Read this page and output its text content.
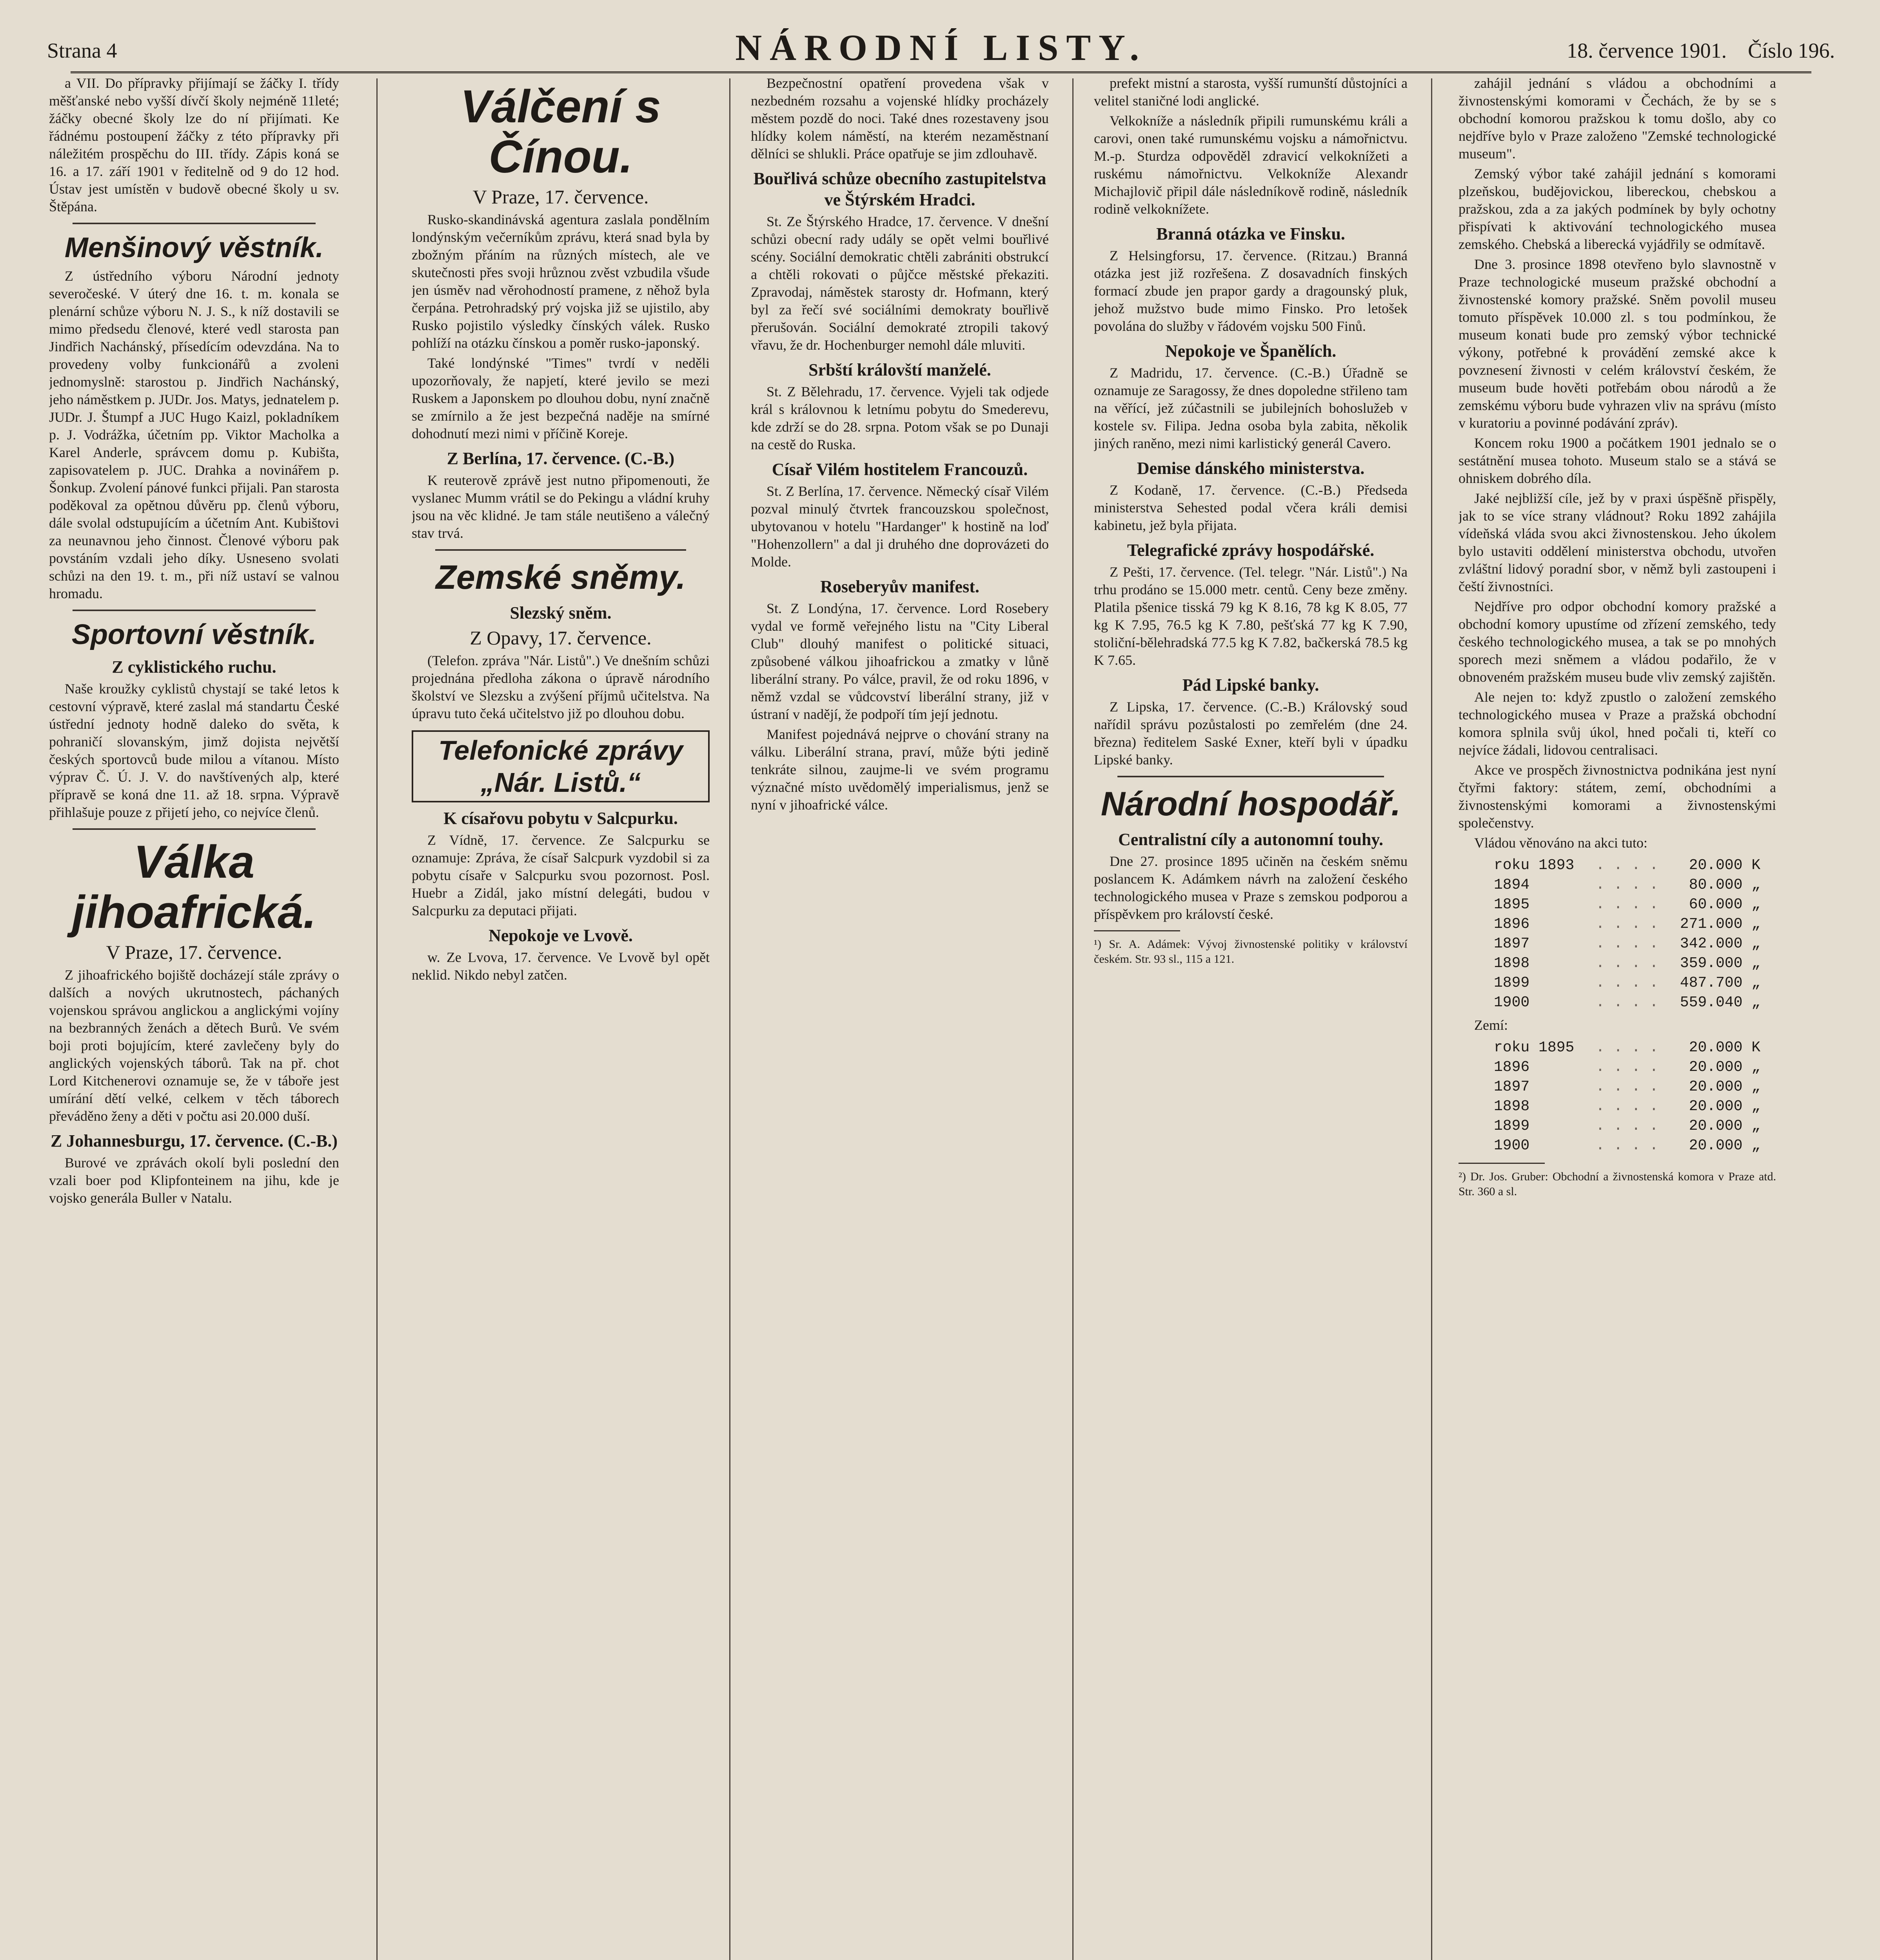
Strana 4	NÁRODNÍ LISTY.	18. července 1901. Číslo 196.

a VII. Do přípravky přijímají se žáčky I. třídy měšťanské nebo vyšší dívčí školy nejméně 11leté; žáčky obecné školy lze do ní přijímati. Ke řádnému postoupení žáčky z této přípravky při náležitém prospěchu do III. třídy. Zápis koná se 16. a 17. září 1901 v ředitelně od 9 do 12 hod. Ústav jest umístěn v budově obecné školy u sv. Štěpána.

Menšinový věstník.

Z ústředního výboru Národní jednoty severočeské. V úterý dne 16. t. m. konala se plenární schůze výboru N. J. S., k níž dostavili se mimo předsedu členové, které vedl starosta pan Jindřich Nachánský, přísedícím odevzdána. Na to provedeny volby funkcionářů a zvoleni jednomyslně: starostou p. Jindřich Nachánský, jeho náměstkem p. JUDr. Jos. Matys, jednatelem p. JUDr. J. Štumpf a JUC Hugo Kaizl, pokladníkem p. J. Vodrážka, účetním pp. Viktor Macholka a Karel Anderle, správcem domu p. Kubišta, zapisovatelem p. JUC. Drahka a novinářem p. Šonkup. Zvolení pánové funkci přijali. Pan starosta poděkoval za opětnou důvěru pp. členů výboru, dále svolal odstupujícím a účetním Ant. Kubištovi za neunavnou jeho činnost. Členové výboru pak povstáním vzdali jeho díky. Usneseno svolati schůzi na den 19. t. m., při níž ustaví se valnou hromadu.

Sportovní věstník.
Z cyklistického ruchu.

Naše kroužky cyklistů chystají se také letos k cestovní výpravě, které zaslal má standartu České ústřední jednoty hodně daleko do světa, k pohraničí slovanským, jimž dojista největší českých sportovců bude milou a vítanou. Místo výprav Č. Ú. J. V. do navštívených alp, které přípravě se koná dne 11. až 18. srpna. Výpravě přihlašuje pouze z přijetí jeho, co nejvíce členů.

Válka jihoafrická.
V Praze, 17. července.

Z jihoafrického bojiště docházejí stále zprávy o dalších a nových ukrutnostech, páchaných vojenskou správou anglickou a anglickými vojíny na bezbranných ženách a dětech Burů. Ve svém boji proti bojujícím, které zavlečeny byly do anglických vojenských táborů. Tak na př. chot Lord Kitchenerovi oznamuje se, že v táboře jest umírání dětí velké, celkem v těch táborech převáděno ženy a děti v počtu asi 20.000 duší.

Z Johannesburgu, 17. července. (C.-B.)

Burové ve zprávách okolí byli poslední den vzali boer pod Klipfonteinem na jihu, kde je vojsko generála Buller v Natalu.

Válčení s Čínou.
V Praze, 17. července.

Rusko-skandinávská agentura zaslala pondělním londýnským večerníkům zprávu, která snad byla by zbožným přáním na různých místech, ale ve skutečnosti přes svoji hrůznou zvěst vzbudila všude jen úsměv nad věrohodností pramene, z něhož byla čerpána. Petrohradský prý vojska již se ujistilo, aby Rusko pojistilo výsledky čínských válek. Rusko pohlíží na otázku čínskou a poměr rusko-japonský.

Také londýnské "Times" tvrdí v neděli upozorňovaly, že napjetí, které jevilo se mezi Ruskem a Japonskem po dlouhou dobu, nyní značně se zmírnilo a že jest bezpečná naděje na smírné dohodnutí mezi nimi v příčině Koreje.

Z Berlína, 17. července. (C.-B.)

K reuterově zprávě jest nutno připomenouti, že vyslanec Mumm vrátil se do Pekingu a vládní kruhy jsou na věc klidné. Je tam stále neutišeno a válečný stav trvá.

Zemské sněmy.
Slezský sněm.
Z Opavy, 17. července.

(Telefon. zpráva "Nár. Listů".) Ve dnešním schůzi projednána předloha zákona o úpravě národního školství ve Slezsku a zvýšení příjmů učitelstva. Na úpravu tuto čeká učitelstvo již po dlouhou dobu.

Telefonické zprávy „Nár. Listů.“
K císařovu pobytu v Salcpurku.

Z Vídně, 17. července. Ze Salcpurku se oznamuje: Zpráva, že císař Salcpurk vyzdobil si za pobytu císaře v Salcpurku svou pozornost. Posl. Huebr a Zidál, jako místní delegáti, budou v Salcpurku za deputaci přijati.

Nepokoje ve Lvově.

w. Ze Lvova, 17. července. Ve Lvově byl opět neklid. Nikdo nebyl zatčen.

Bezpečnostní opatření provedena však v nezbedném rozsahu a vojenské hlídky procházely městem pozdě do noci. Také dnes rozestaveny jsou hlídky kolem náměstí, na kterém nezaměstnaní dělníci se shlukli. Práce opatřuje se jim zdlouhavě.

Bouřlivá schůze obecního zastupitelstva ve Štýrském Hradci.

St. Ze Štýrského Hradce, 17. července. V dnešní schůzi obecní rady udály se opět velmi bouřlivé scény. Sociální demokratic chtěli zabrániti obstrukcí a chtěli rokovati o půjčce městské překaziti. Zpravodaj, náměstek starosty dr. Hofmann, který byl za řečí své sociálními demokraty bouřlivě přerušován. Sociální demokraté ztropili takový vřavu, že dr. Hochenburger nemohl dále mluviti.

Srbští královští manželé.

St. Z Bělehradu, 17. července. Vyjeli tak odjede král s královnou k letnímu pobytu do Smederevu, kde zdrží se do 28. srpna. Potom však se po Dunaji na cestě do Ruska.

Císař Vilém hostitelem Francouzů.

St. Z Berlína, 17. července. Německý císař Vilém pozval minulý čtvrtek francouzskou společnost, ubytovanou v hotelu "Hardanger" k hostině na loď "Hohenzollern" a dal ji druhého dne doprovázeti do Molde.

Roseberyův manifest.

St. Z Londýna, 17. července. Lord Rosebery vydal ve formě veřejného listu na "City Liberal Club" dlouhý manifest o politické situaci, způsobené válkou jihoafrickou a zmatky v lůně liberální strany. Po válce, pravil, že od roku 1896, v němž vzdal se vůdcovství liberální strany, již v ústraní v nadějí, že podpoří tím její jednotu.

Manifest pojednává nejprve o chování strany na válku. Liberální strana, praví, může býti jedině tenkráte silnou, zaujme-li ve svém programu význačné místo uvědomělý imperialismus, jenž se nyní v jihoafrické válce.

prefekt mistní a starosta, vyšší rumunští důstojníci a velitel staničné lodi anglické.

Velkokníže a následník připili rumunskému králi a carovi, onen také rumunskému vojsku a námořnictvu. M.-p. Sturdza odpověděl zdravicí velkoknížeti a ruskému námořnictvu. Velkokníže Alexandr Michajlovič připil dále následníkově rodině, následník rodině velkoknížete.

Branná otázka ve Finsku.

Z Helsingforsu, 17. července. (Ritzau.) Branná otázka jest již rozřešena. Z dosavadních finských formací zbude jen prapor gardy a dragounský pluk, jehož mužstvo bude mimo Finsko. Pro letošek povolána do služby v řádovém vojsku 500 Finů.

Nepokoje ve Španělích.

Z Madridu, 17. července. (C.-B.) Úřadně se oznamuje ze Saragossy, že dnes dopoledne střileno tam na věřící, jež zúčastnili se jubilejních bohoslužeb v kostele sv. Filipa. Jedna osoba byla zabita, několik jiných raněno, mezi nimi karlistický generál Cavero.

Demise dánského ministerstva.

Z Kodaně, 17. července. (C.-B.) Předseda ministerstva Sehested podal včera králi demisi kabinetu, jež byla přijata.

Telegrafické zprávy hospodářské.

Z Pešti, 17. července. (Tel. telegr. "Nár. Listů".) Na trhu prodáno se 15.000 metr. centů. Ceny beze změny. Platila pšenice tisská 79 kg K 8.16, 78 kg K 8.05, 77 kg K 7.95, 76.5 kg K 7.80, pešťská 77 kg K 7.90, stoliční-bělehradská 77.5 kg K 7.82, bačkerská 78.5 kg K 7.65.

Pád Lipské banky.

Z Lipska, 17. července. (C.-B.) Královský soud nařídil správu pozůstalosti po zemřelém (dne 24. března) ředitelem Saské Exner, kteří byli v úpadku Lipské banky.

Národní hospodář.
Centralistní cíly a autonomní touhy.

Dne 27. prosince 1895 učiněn na českém sněmu poslancem K. Adámkem návrh na založení českého technologického musea v Praze s zemskou podporou a příspěvkem pro královstí české.

¹) Sr. A. Adámek: Vývoj živnostenské politiky v království českém. Str. 93 sl., 115 a 121.

zahájil jednání s vládou a obchodními a živnostenskými komorami v Čechách, že by se s obchodní komorou pražskou k tomu došlo, aby co nejdříve bylo v Praze založeno "Zemské technologické museum".

Zemský výbor také zahájil jednání s komorami plzeňskou, budějovickou, libereckou, chebskou a pražskou, zda a za jakých podmínek by byly ochotny přispívati k aktivování technologického musea zemského. Chebská a liberecká vyjádřily se odmítavě.

Dne 3. prosince 1898 otevřeno bylo slavnostně v Praze technologické museum pražské obchodní a živnostenské komory pražské. Sněm povolil museu tomuto příspěvek 10.000 zl. s tou podmínkou, že museum konati bude pro zemský výbor technické výkony, potřebné k provádění zemské akce k povznesení živnosti v celém království českém, že museum bude hověti potřebám obou národů a že zemskému výboru bude vyhrazen vliv na správu (místo v kuratoriu a povinné podávání zpráv).

Koncem roku 1900 a počátkem 1901 jednalo se o sestátnění musea tohoto. Museum stalo se a stává se ohniskem dobrého díla.

Jaké nejbližší cíle, jež by v praxi úspěšně přispěly, jak to se více strany vládnout? Roku 1892 zahájila vídeňská vláda svou akci živnostenskou. Jeho úkolem bylo ustaviti oddělení ministerstva obchodu, utvořen zvláštní lidový poradní sbor, v němž byli zastoupeni i čeští živnostníci.

Nejdříve pro odpor obchodní komory pražské a obchodní komory upustíme od zřízení zemského, tedy českého technologického musea, a tak se po mnohých sporech mezi sněmem a vládou podařilo, že v obnoveném pražském museu bude vliv zemský zajištěn.

Ale nejen to: když zpustlo o založení zemského technologického musea v Praze a pražská obchodní komora splnila svůj úkol, hned počali ti, kteří co nejvíce žádali, lidovou centralisaci.

Akce ve prospěch živnostnictva podnikána jest nyní čtyřmi faktory: státem, zemí, obchodními a živnostenskými komorami a živnostenskými společenstvy.

Vládou věnováno na akci tuto:

roku 1893	. . . .	20.000 K
1894	. . . .	80.000 „
1895	. . . .	60.000 „
1896	. . . .	271.000 „
1897	. . . .	342.000 „
1898	. . . .	359.000 „
1899	. . . .	487.700 „
1900	. . . .	559.040 „

Zemí:

roku 1895	. . . .	20.000 K
1896	. . . .	20.000 „
1897	. . . .	20.000 „
1898	. . . .	20.000 „
1899	. . . .	20.000 „
1900	. . . .	20.000 „
²) Dr. Jos. Gruber: Obchodní a živnostenská komora v Praze atd. Str. 360 a sl.
